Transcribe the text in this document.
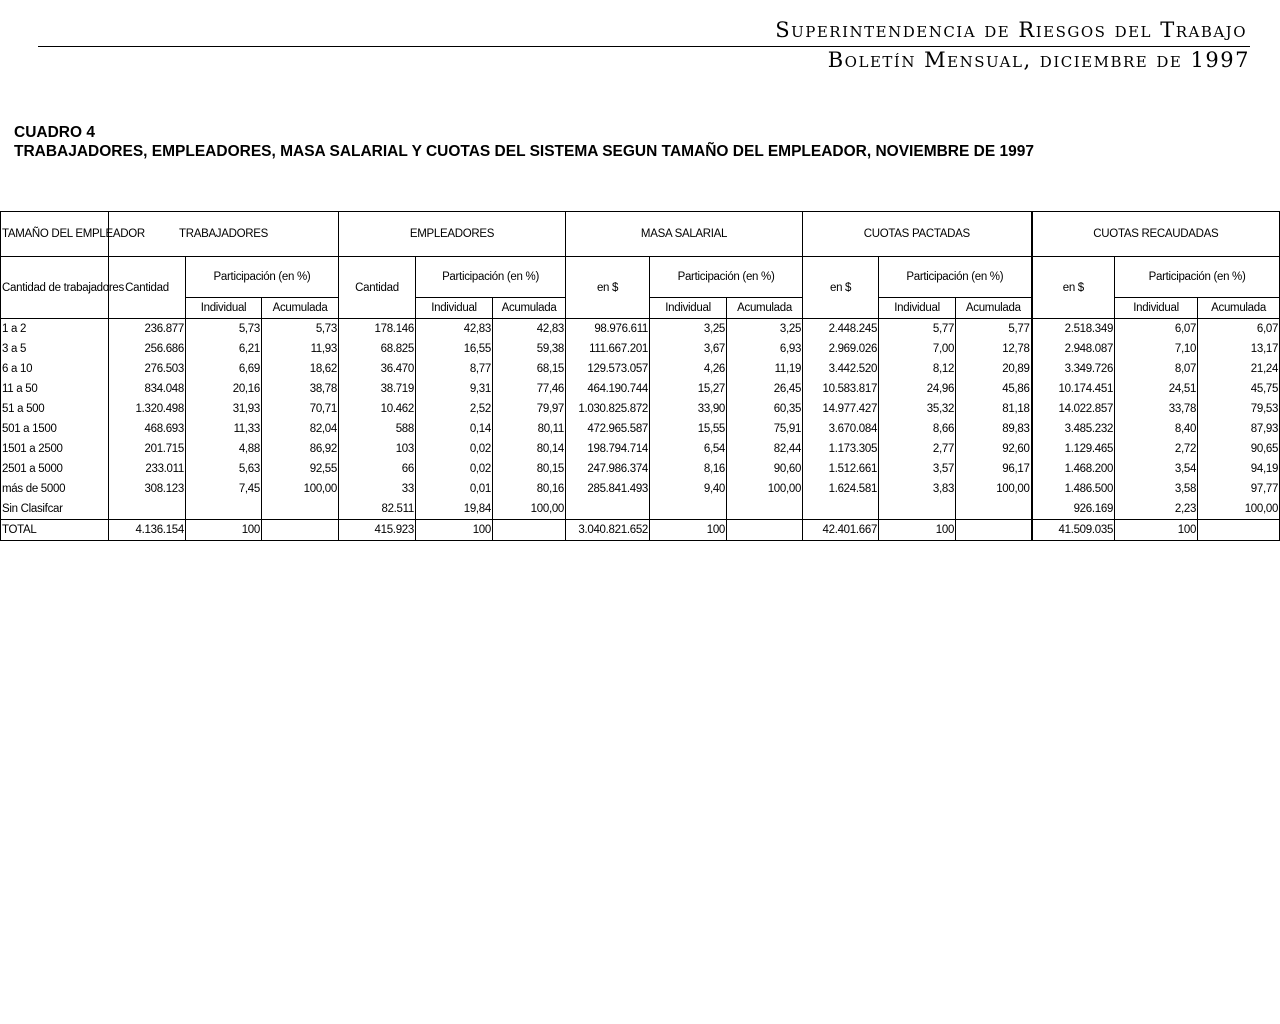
Superintendencia de Riesgos del Trabajo
Boletín Mensual, diciembre de 1997
CUADRO 4
TRABAJADORES, EMPLEADORES, MASA SALARIAL Y CUOTAS DEL SISTEMA SEGUN TAMAÑO DEL EMPLEADOR, NOVIEMBRE DE 1997
TAMAÑO DEL EMPLEADOR	TRABAJADORES			EMPLEADORES			MASA SALARIAL			CUOTAS PACTADAS			CUOTAS RECAUDADAS		
Cantidad de trabajadores	Cantidad	Participación (en %)		Cantidad	Participación (en %)		en $	Participación (en %)		en $	Participación (en %)		en $	Participación (en %)	
		Individual	Acumulada		Individual	Acumulada		Individual	Acumulada		Individual	Acumulada		Individual	Acumulada
1 a 2	236.877	5,73	5,73	178.146	42,83	42,83	98.976.611	3,25	3,25	2.448.245	5,77	5,77	2.518.349	6,07	6,07
3 a 5	256.686	6,21	11,93	68.825	16,55	59,38	111.667.201	3,67	6,93	2.969.026	7,00	12,78	2.948.087	7,10	13,17
6 a 10	276.503	6,69	18,62	36.470	8,77	68,15	129.573.057	4,26	11,19	3.442.520	8,12	20,89	3.349.726	8,07	21,24
11 a 50	834.048	20,16	38,78	38.719	9,31	77,46	464.190.744	15,27	26,45	10.583.817	24,96	45,86	10.174.451	24,51	45,75
51 a 500	1.320.498	31,93	70,71	10.462	2,52	79,97	1.030.825.872	33,90	60,35	14.977.427	35,32	81,18	14.022.857	33,78	79,53
501 a 1500	468.693	11,33	82,04	588	0,14	80,11	472.965.587	15,55	75,91	3.670.084	8,66	89,83	3.485.232	8,40	87,93
1501 a 2500	201.715	4,88	86,92	103	0,02	80,14	198.794.714	6,54	82,44	1.173.305	2,77	92,60	1.129.465	2,72	90,65
2501 a 5000	233.011	5,63	92,55	66	0,02	80,15	247.986.374	8,16	90,60	1.512.661	3,57	96,17	1.468.200	3,54	94,19
más de 5000	308.123	7,45	100,00	33	0,01	80,16	285.841.493	9,40	100,00	1.624.581	3,83	100,00	1.486.500	3,58	97,77
Sin Clasifcar				82.511	19,84	100,00							926.169	2,23	100,00
TOTAL	4.136.154	100		415.923	100		3.040.821.652	100		42.401.667	100		41.509.035	100	
